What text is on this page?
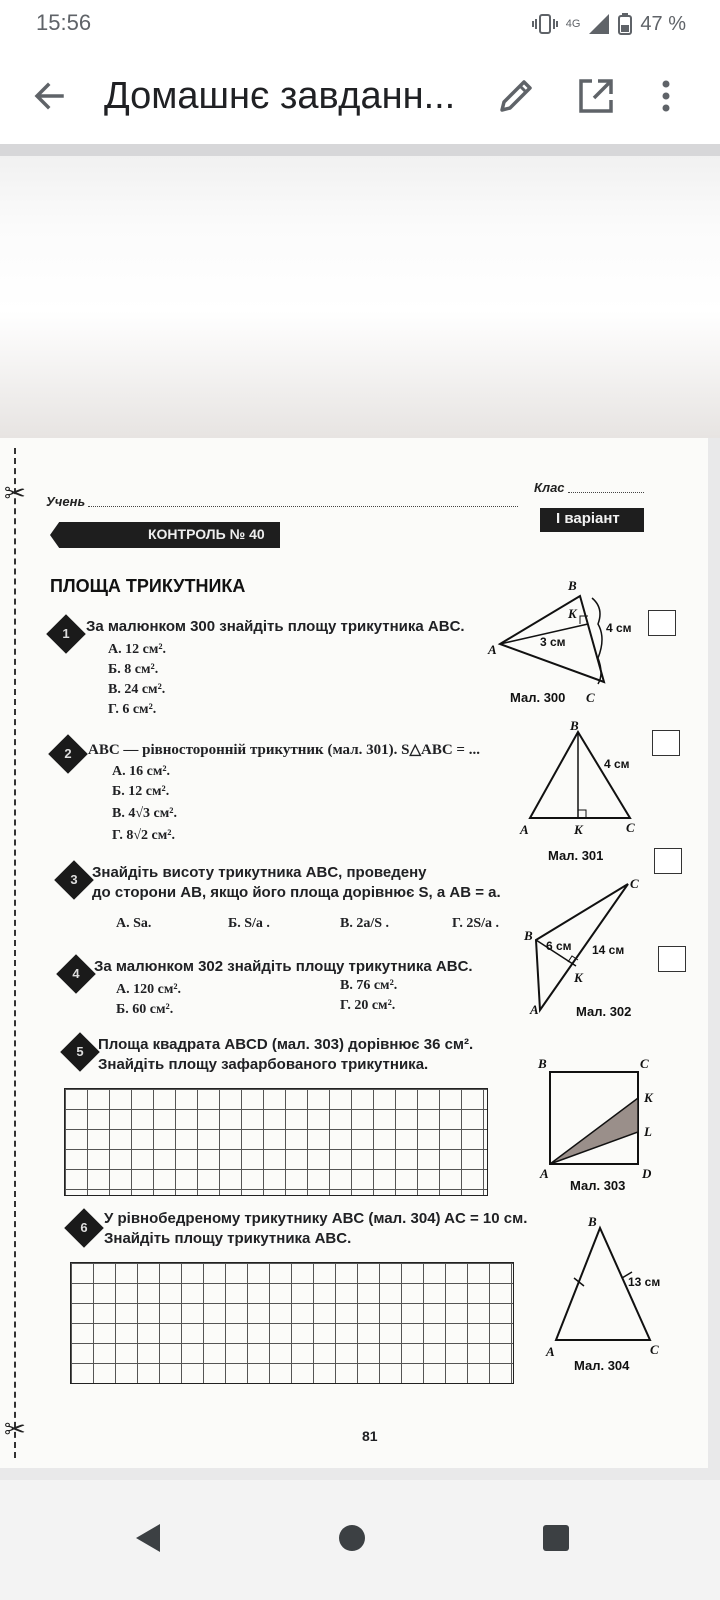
15:56	4G	47 %
Домашнє завданн...
✂
✂
Учень
Клас
КОНТРОЛЬ № 40
I варіант
ПЛОЩА ТРИКУТНИКА
1	За малюнком 300 знайдіть площу трикутника ABC.
А. 12 см².
Б. 8 см².
В. 24 см².
Г. 6 см².
B
K
A
C
4 см
3 см
Мал. 300
2	ABC — рівносторонній трикутник (мал. 301). S△ABC = ...
А. 16 см².
Б. 12 см².
В. 4√3 см².
Г. 8√2 см².
B
A	K	C
4 см
Мал. 301
3 Знайдіть висоту трикутника ABC, проведену
до сторони AB, якщо його площа дорівнює S, а AB = a.
А. Sa.	Б. S/a .	В. 2a/S .	Г. 2S/a .
4 За малюнком 302 знайдіть площу трикутника ABC.
А. 120 см².
Б. 60 см².
В. 76 см².
Г. 20 см².
C
B
K
A
6 см 14 см
Мал. 302
5 Площа квадрата ABCD (мал. 303) дорівнює 36 см².
Знайдіть площу зафарбованого трикутника.	B	C
K
L
A	D
Мал. 303
6
У рівнобедреному трикутнику ABC (мал. 304) AC = 10 см.
Знайдіть площу трикутника ABC.
B
A	C
13 см
Мал. 304
81
